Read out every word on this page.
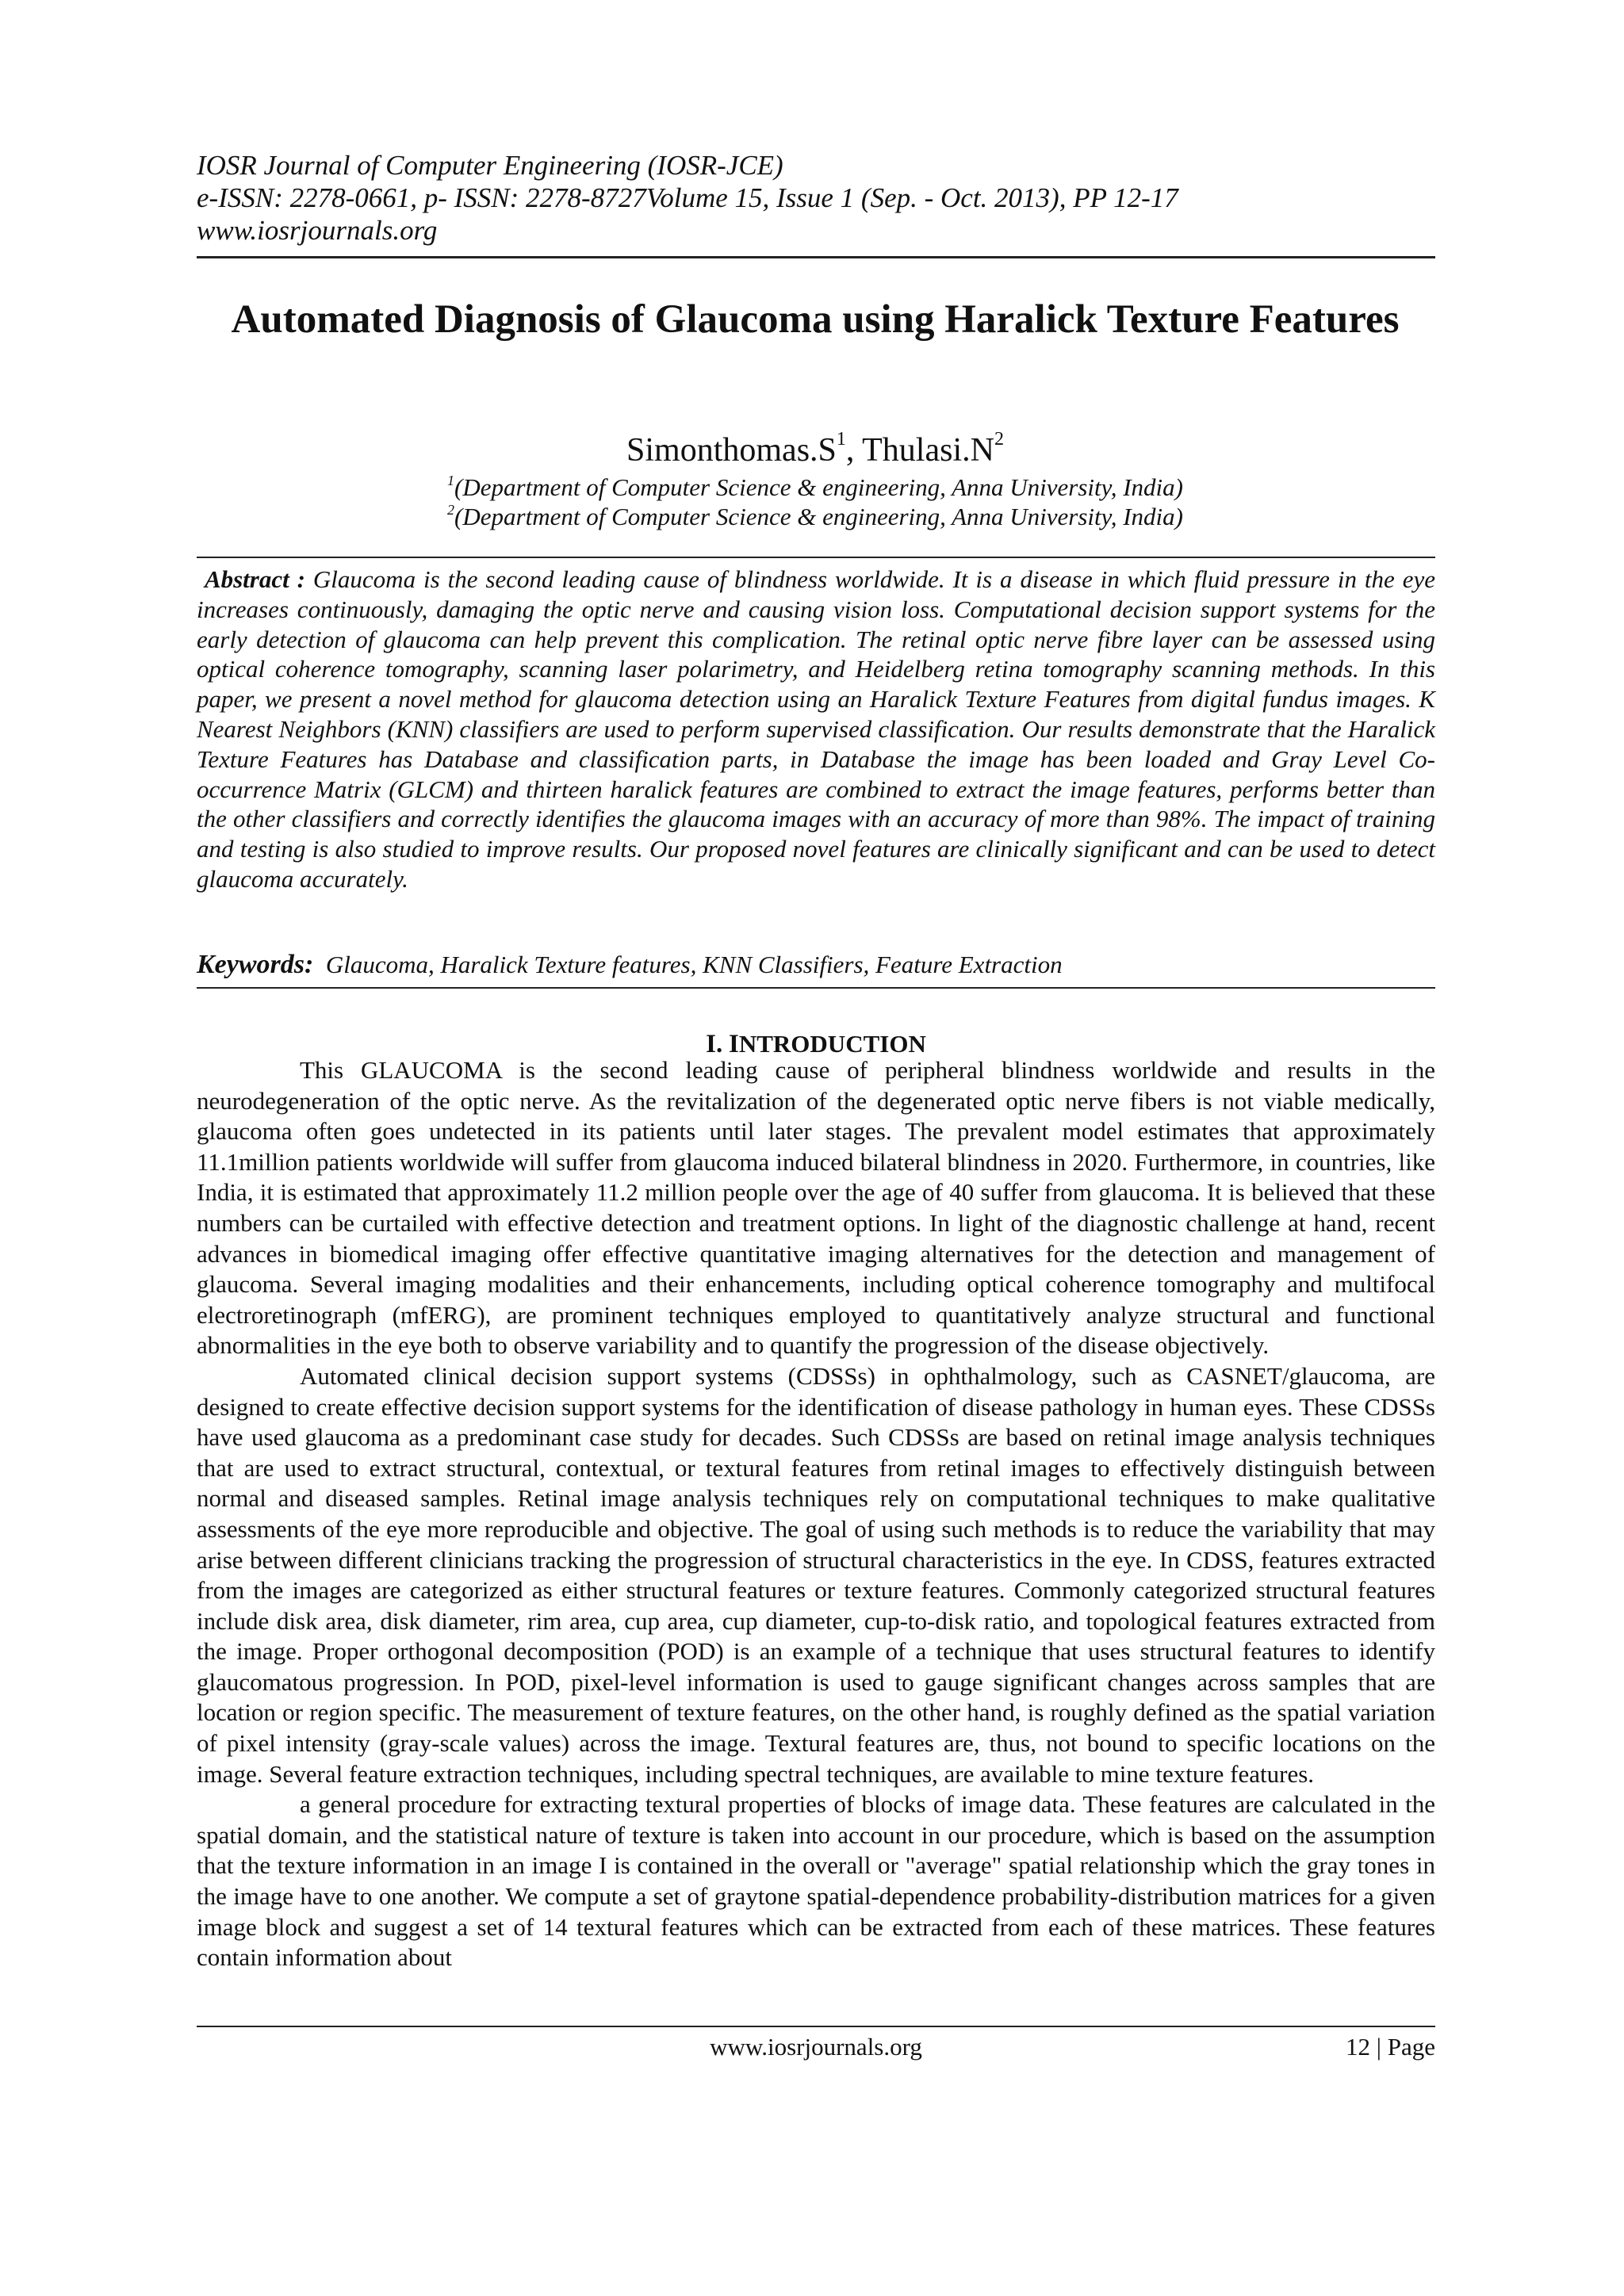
IOSR Journal of Computer Engineering (IOSR-JCE)
e-ISSN: 2278-0661, p- ISSN: 2278-8727Volume 15, Issue 1 (Sep. - Oct. 2013), PP 12-17
www.iosrjournals.org
Automated Diagnosis of Glaucoma using Haralick Texture Features
$Simonthomas.S^1$, $Thulasi.N^2$
$^1$(Department of Computer Science & engineering, Anna University, India)
$^2$(Department of Computer Science & engineering, Anna University, India)
Abstract : Glaucoma is the second leading cause of blindness worldwide. It is a disease in which fluid pressure in the eye increases continuously, damaging the optic nerve and causing vision loss. Computational decision support systems for the early detection of glaucoma can help prevent this complication. The retinal optic nerve fibre layer can be assessed using optical coherence tomography, scanning laser polarimetry, and Heidelberg retina tomography scanning methods. In this paper, we present a novel method for glaucoma detection using an Haralick Texture Features from digital fundus images. K Nearest Neighbors (KNN) classifiers are used to perform supervised classification. Our results demonstrate that the Haralick Texture Features has Database and classification parts, in Database the image has been loaded and Gray Level Co-occurrence Matrix (GLCM) and thirteen haralick features are combined to extract the image features, performs better than the other classifiers and correctly identifies the glaucoma images with an accuracy of more than 98%. The impact of training and testing is also studied to improve results. Our proposed novel features are clinically significant and can be used to detect glaucoma accurately.
Keywords: Glaucoma, Haralick Texture features, KNN Classifiers, Feature Extraction
I. INTRODUCTION

This GLAUCOMA is the second leading cause of peripheral blindness worldwide and results in the neurodegeneration of the optic nerve. As the revitalization of the degenerated optic nerve fibers is not viable medically, glaucoma often goes undetected in its patients until later stages. The prevalent model estimates that approximately 11.1million patients worldwide will suffer from glaucoma induced bilateral blindness in 2020. Furthermore, in countries, like India, it is estimated that approximately 11.2 million people over the age of 40 suffer from glaucoma. It is believed that these numbers can be curtailed with effective detection and treatment options. In light of the diagnostic challenge at hand, recent advances in biomedical imaging offer effective quantitative imaging alternatives for the detection and management of glaucoma. Several imaging modalities and their enhancements, including optical coherence tomography and multifocal electroretinograph (mfERG), are prominent techniques employed to quantitatively analyze structural and functional abnormalities in the eye both to observe variability and to quantify the progression of the disease objectively.

Automated clinical decision support systems (CDSSs) in ophthalmology, such as CASNET/glaucoma, are designed to create effective decision support systems for the identification of disease pathology in human eyes. These CDSSs have used glaucoma as a predominant case study for decades. Such CDSSs are based on retinal image analysis techniques that are used to extract structural, contextual, or textural features from retinal images to effectively distinguish between normal and diseased samples. Retinal image analysis techniques rely on computational techniques to make qualitative assessments of the eye more reproducible and objective. The goal of using such methods is to reduce the variability that may arise between different clinicians tracking the progression of structural characteristics in the eye. In CDSS, features extracted from the images are categorized as either structural features or texture features. Commonly categorized structural features include disk area, disk diameter, rim area, cup area, cup diameter, cup-to-disk ratio, and topological features extracted from the image. Proper orthogonal decomposition (POD) is an example of a technique that uses structural features to identify glaucomatous progression. In POD, pixel-level information is used to gauge significant changes across samples that are location or region specific. The measurement of texture features, on the other hand, is roughly defined as the spatial variation of pixel intensity (gray-scale values) across the image. Textural features are, thus, not bound to specific locations on the image. Several feature extraction techniques, including spectral techniques, are available to mine texture features.

a general procedure for extracting textural properties of blocks of image data. These features are calculated in the spatial domain, and the statistical nature of texture is taken into account in our procedure, which is based on the assumption that the texture information in an image I is contained in the overall or "average" spatial relationship which the gray tones in the image have to one another. We compute a set of graytone spatial-dependence probability-distribution matrices for a given image block and suggest a set of 14 textural features which can be extracted from each of these matrices. These features contain information about

www.iosrjournals.org	12 | Page
